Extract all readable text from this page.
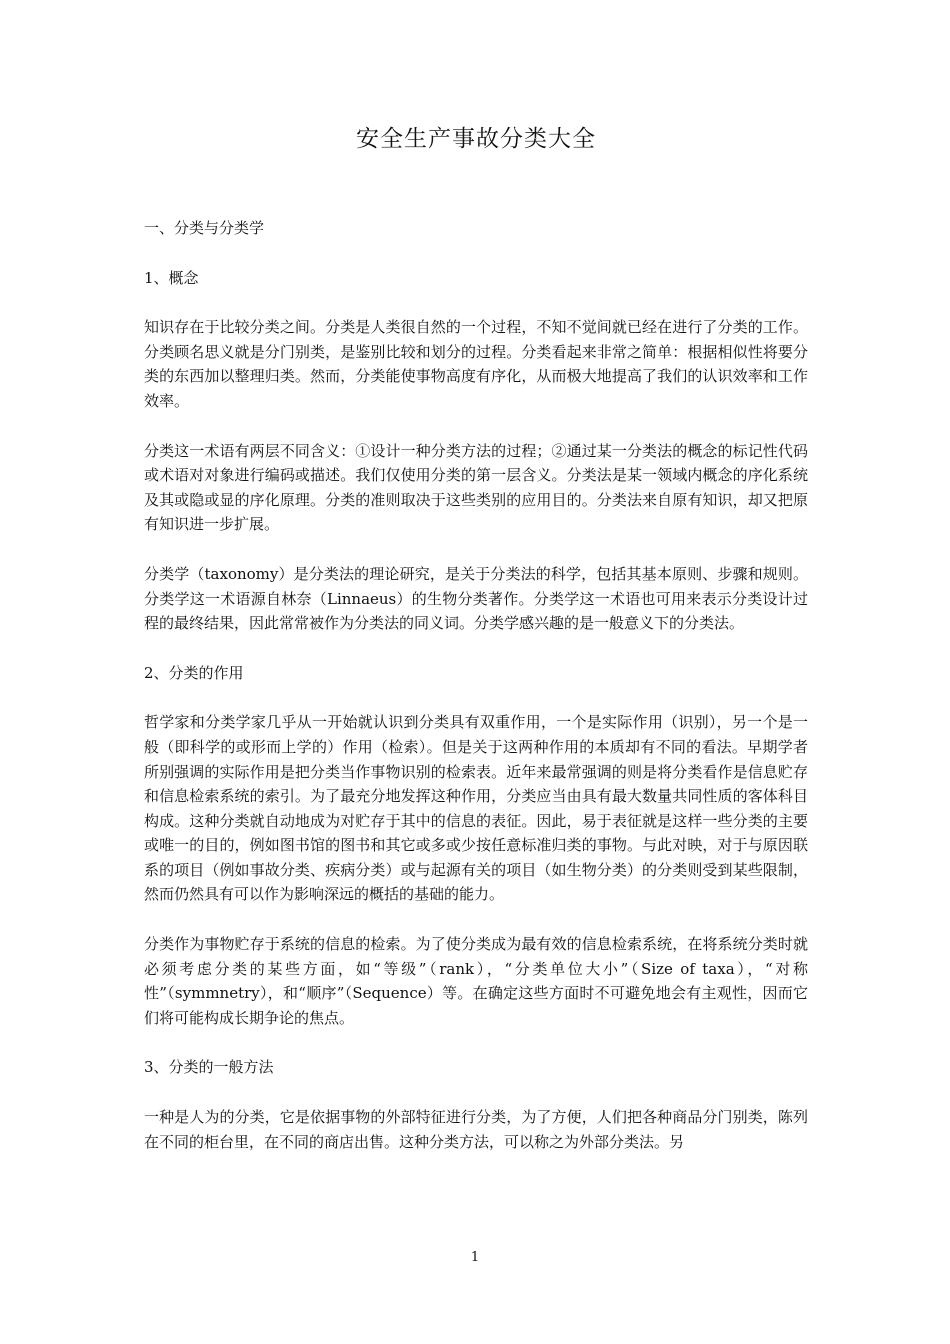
安全生产事故分类大全
一、分类与分类学
1、概念
知识存在于比较分类之间。分类是人类很自然的一个过程，不知不觉间就已经在进行了分类的工作。分类顾名思义就是分门别类，是鉴别比较和划分的过程。分类看起来非常之简单：根据相似性将要分类的东西加以整理归类。然而，分类能使事物高度有序化，从而极大地提高了我们的认识效率和工作效率。
分类这一术语有两层不同含义：①设计一种分类方法的过程；②通过某一分类法的概念的标记性代码或术语对对象进行编码或描述。我们仅使用分类的第一层含义。分类法是某一领域内概念的序化系统及其或隐或显的序化原理。分类的准则取决于这些类别的应用目的。分类法来自原有知识，却又把原有知识进一步扩展。
分类学（taxonomy）是分类法的理论研究，是关于分类法的科学，包括其基本原则、步骤和规则。分类学这一术语源自林奈（Linnaeus）的生物分类著作。分类学这一术语也可用来表示分类设计过程的最终结果，因此常常被作为分类法的同义词。分类学感兴趣的是一般意义下的分类法。
2、分类的作用
哲学家和分类学家几乎从一开始就认识到分类具有双重作用，一个是实际作用（识别），另一个是一般（即科学的或形而上学的）作用（检索）。但是关于这两种作用的本质却有不同的看法。早期学者所别强调的实际作用是把分类当作事物识别的检索表。近年来最常强调的则是将分类看作是信息贮存和信息检索系统的索引。为了最充分地发挥这种作用，分类应当由具有最大数量共同性质的客体科目构成。这种分类就自动地成为对贮存于其中的信息的表征。因此，易于表征就是这样一些分类的主要或唯一的目的，例如图书馆的图书和其它或多或少按任意标准归类的事物。与此对映，对于与原因联系的项目（例如事故分类、疾病分类）或与起源有关的项目（如生物分类）的分类则受到某些限制，然而仍然具有可以作为影响深远的概括的基础的能力。
分类作为事物贮存于系统的信息的检索。为了使分类成为最有效的信息检索系统，在将系统分类时就必须考虑分类的某些方面，如“等级”（rank），“分类单位大小”（Size of taxa），“对称性”（symmnetry），和“顺序”（Sequence）等。在确定这些方面时不可避免地会有主观性，因而它们将可能构成长期争论的焦点。
3、分类的一般方法
一种是人为的分类，它是依据事物的外部特征进行分类，为了方便，人们把各种商品分门别类，陈列在不同的柜台里，在不同的商店出售。这种分类方法，可以称之为外部分类法。另
1
